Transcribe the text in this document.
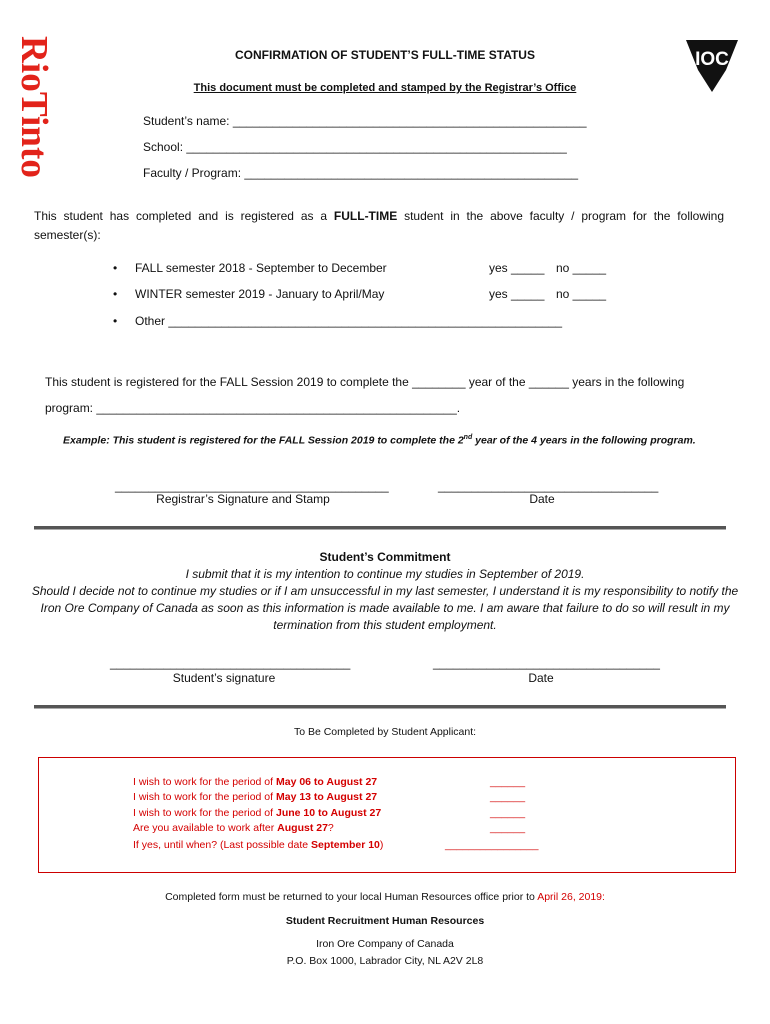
RioTinto	IOC
CONFIRMATION OF STUDENT’S FULL-TIME STATUS
This document must be completed and stamped by the Registrar’s Office
Student’s name: _____________________________________________________
School: _________________________________________________________
Faculty / Program: __________________________________________________
This student has completed and is registered as a FULL-TIME student in the above faculty / program for the following semester(s):
• FALL semester 2018 - September to December	yes _____ no _____
• WINTER semester 2019 - January to April/May	yes _____ no _____
• Other ___________________________________________________________
This student is registered for the FALL Session 2019 to complete the ________ year of the ______ years in the following
program: ______________________________________________________.
Example: This student is registered for the FALL Session 2019 to complete the 2nd year of the 4 years in the following program.
_________________________________________
Registrar’s Signature and Stamp
_________________________________
Date
Student’s Commitment
I submit that it is my intention to continue my studies in September of 2019.
Should I decide not to continue my studies or if I am unsuccessful in my last semester, I understand it is my responsibility to notify the Iron Ore Company of Canada as soon as this information is made available to me. I am aware that failure to do so will result in my termination from this student employment.
____________________________________
Student’s signature
__________________________________
Date
To Be Completed by Student Applicant:
I wish to work for the period of May 06 to August 27	______
I wish to work for the period of May 13 to August 27	______
I wish to work for the period of June 10 to August 27	______
Are you available to work after August 27?	______
If yes, until when? (Last possible date September 10)	________________
Completed form must be returned to your local Human Resources office prior to April 26, 2019:
Student Recruitment Human Resources
Iron Ore Company of Canada
P.O. Box 1000, Labrador City, NL A2V 2L8
